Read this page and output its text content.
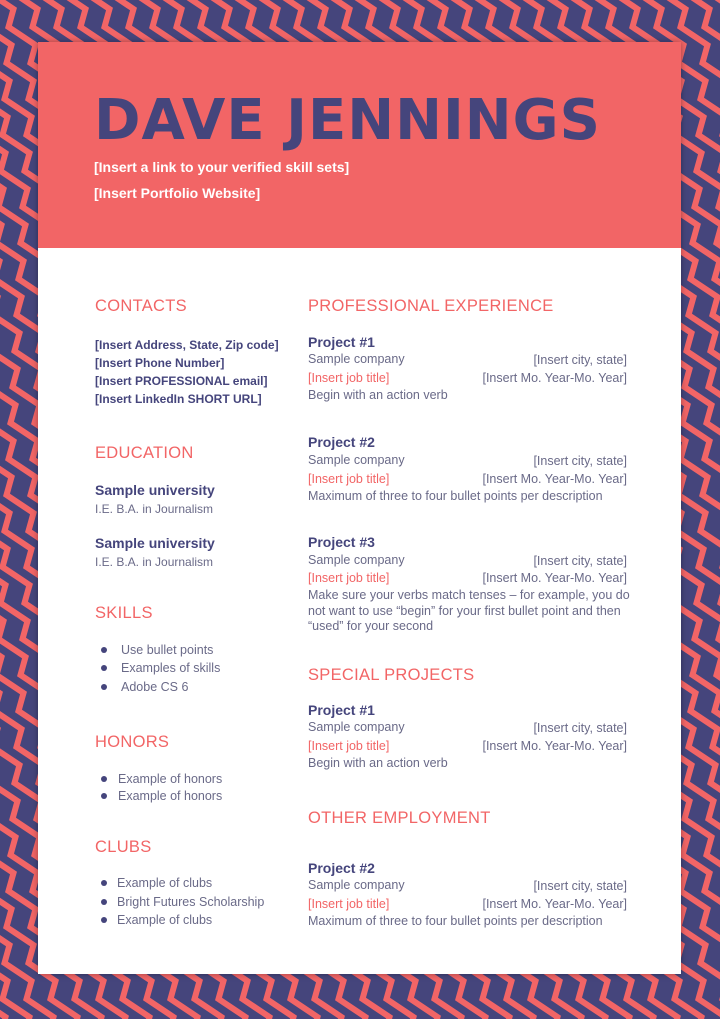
DAVE JENNINGS
[Insert a link to your verified skill sets]
[Insert Portfolio Website]
CONTACTS
[Insert Address, State, Zip code]
[Insert Phone Number]
[Insert PROFESSIONAL email]
[Insert LinkedIn SHORT URL]
EDUCATION
Sample university
I.E. B.A. in Journalism
Sample university
I.E. B.A. in Journalism
SKILLS
Use bullet points
Examples of skills
Adobe CS 6
HONORS
Example of honors
Example of honors
CLUBS
Example of clubs
Bright Futures Scholarship
Example of clubs
PROFESSIONAL EXPERIENCE
Project #1
Sample company	[Insert city, state]
[Insert job title]	[Insert Mo. Year-Mo. Year]
Begin with an action verb
Project #2
Sample company	[Insert city, state]
[Insert job title]	[Insert Mo. Year-Mo. Year]
Maximum of three to four bullet points per description
Project #3
Sample company	[Insert city, state]
[Insert job title]	[Insert Mo. Year-Mo. Year]
Make sure your verbs match tenses – for example, you do not want to use “begin” for your first bullet point and then “used” for your second
SPECIAL PROJECTS
Project #1
Sample company	[Insert city, state]
[Insert job title]	[Insert Mo. Year-Mo. Year]
Begin with an action verb
OTHER EMPLOYMENT
Project #2
Sample company	[Insert city, state]
[Insert job title]	[Insert Mo. Year-Mo. Year]
Maximum of three to four bullet points per description
